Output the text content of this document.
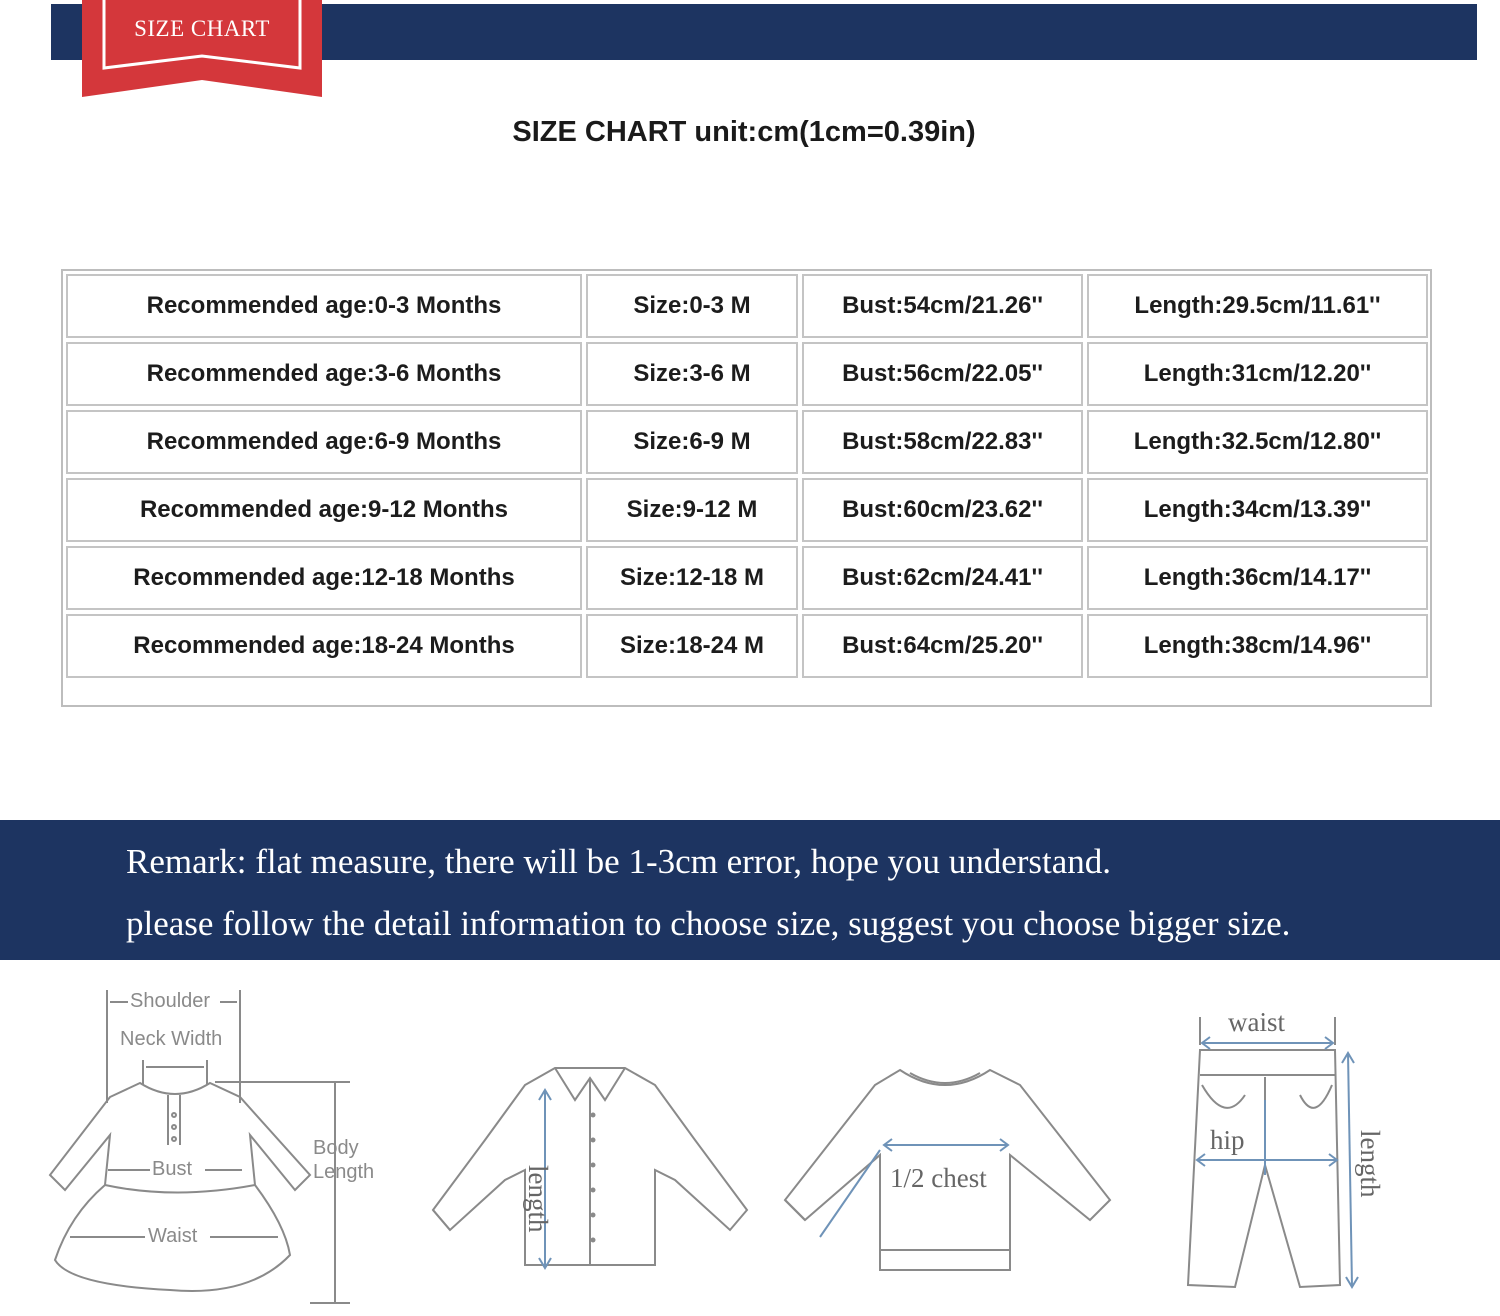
SIZE CHART
SIZE CHART unit:cm(1cm=0.39in)
Recommended age:0-3 Months	Size:0-3 M	Bust:54cm/21.26''	Length:29.5cm/11.61''
Recommended age:3-6 Months	Size:3-6 M	Bust:56cm/22.05''	Length:31cm/12.20''
Recommended age:6-9 Months	Size:6-9 M	Bust:58cm/22.83''	Length:32.5cm/12.80''
Recommended age:9-12 Months	Size:9-12 M	Bust:60cm/23.62''	Length:34cm/13.39''
Recommended age:12-18 Months	Size:12-18 M	Bust:62cm/24.41''	Length:36cm/14.17''
Recommended age:18-24 Months	Size:18-24 M	Bust:64cm/25.20''	Length:38cm/14.96''
Remark: flat measure, there will be 1-3cm error, hope you understand.
please follow the detail information to choose size, suggest you choose bigger size.
Shoulder
Neck Width
Body
Length
Bust
Waist
length	1/2 chest
waist
hip	length
